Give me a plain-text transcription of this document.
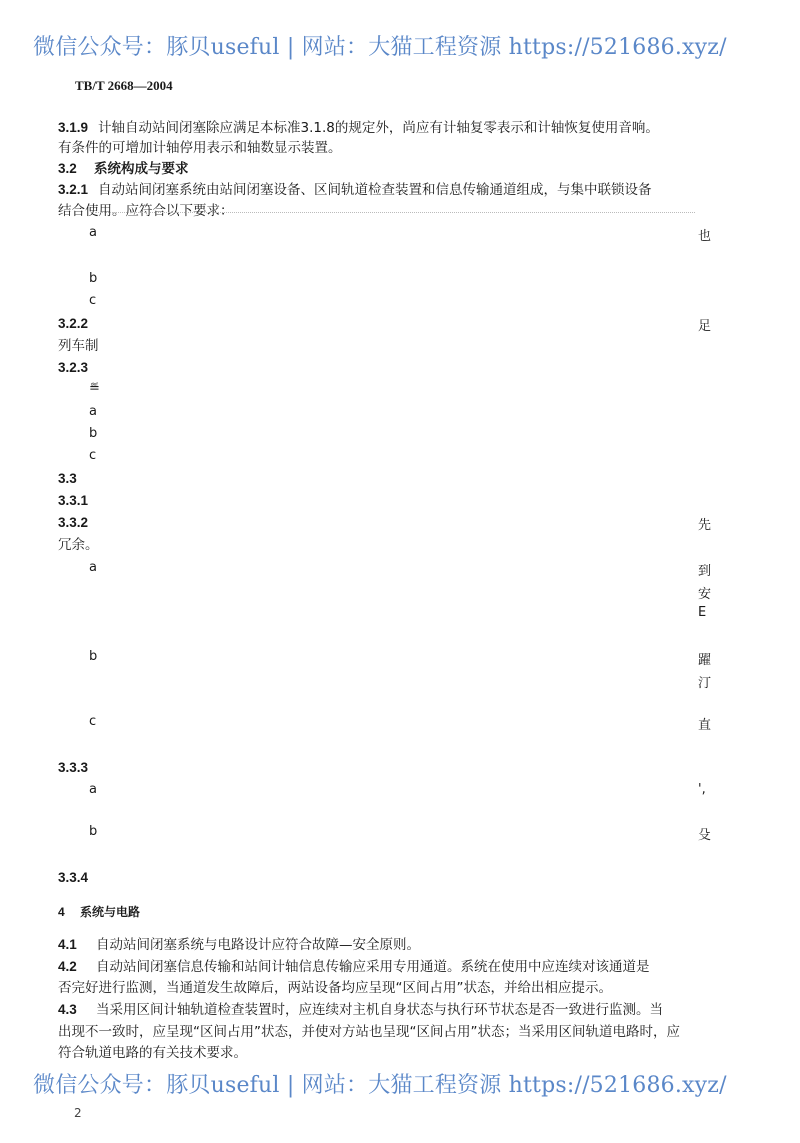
微信公众号：豚贝useful | 网站：大猫工程资源 https://521686.xyz/
TB/T 2668—2004
3.1.9 计轴自动站间闭塞除应满足本标准3.1.8的规定外，尚应有计轴复零表示和计轴恢复使用音响。
有条件的可增加计轴停用表示和轴数显示装置。
3.2 系统构成与要求
3.2.1 自动站间闭塞系统由站间闭塞设备、区间轨道检查装置和信息传输通道组成，与集中联锁设备
结合使用。应符合以下要求：
a	也
b
c
3.2.2	足
列车制
3.2.3
≝
a
b
c
3.3
3.3.1
3.3.2	先
冗余。
a	到
安
E
b	躍
汀
c	直
3.3.3
a	',
b	殳
3.3.4
4 系统与电路
4.1 自动站间闭塞系统与电路设计应符合故障—安全原则。
4.2 自动站间闭塞信息传输和站间计轴信息传输应采用专用通道。系统在使用中应连续对该通道是
否完好进行监测，当通道发生故障后，两站设备均应呈现“区间占用”状态，并给出相应提示。
4.3 当采用区间计轴轨道检查装置时，应连续对主机自身状态与执行环节状态是否一致进行监测。当
出现不一致时，应呈现“区间占用”状态，并使对方站也呈现“区间占用”状态；当采用区间轨道电路时，应
符合轨道电路的有关技术要求。
微信公众号：豚贝useful | 网站：大猫工程资源 https://521686.xyz/
2
